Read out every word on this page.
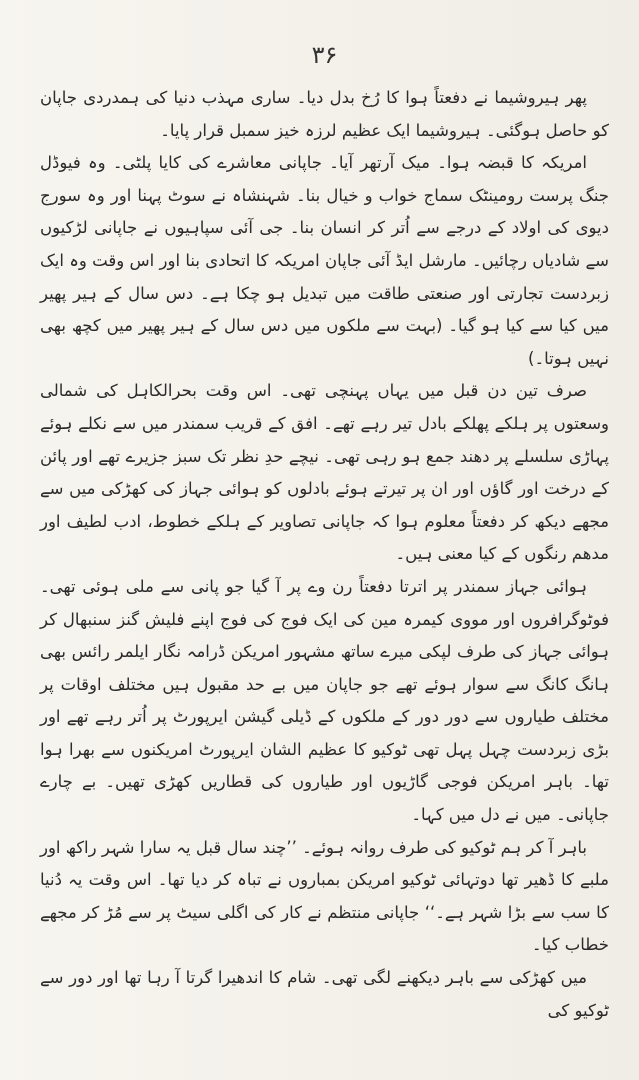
۳۶

پھر ہیروشیما نے دفعتاً ہوا کا رُخ بدل دیا۔ ساری مہذب دنیا کی ہمدردی جاپان کو حاصل ہوگئی۔ ہیروشیما ایک عظیم لرزہ خیز سمبل قرار پایا۔

امریکہ کا قبضہ ہوا۔ میک آرتھر آیا۔ جاپانی معاشرے کی کایا پلٹی۔ وہ فیوڈل جنگ پرست رومینٹک سماج خواب و خیال بنا۔ شہنشاہ نے سوٹ پہنا اور وہ سورج دیوی کی اولاد کے درجے سے اُتر کر انسان بنا۔ جی آئی سپاہیوں نے جاپانی لڑکیوں سے شادیاں رچائیں۔ مارشل ایڈ آئی جاپان امریکہ کا اتحادی بنا اور اس وقت وہ ایک زبردست تجارتی اور صنعتی طاقت میں تبدیل ہو چکا ہے۔ دس سال کے ہیر پھیر میں کیا سے کیا ہو گیا۔ (بہت سے ملکوں میں دس سال کے ہیر پھیر میں کچھ بھی نہیں ہوتا۔)

صرف تین دن قبل میں یہاں پہنچی تھی۔ اس وقت بحرالکاہل کی شمالی وسعتوں پر ہلکے پھلکے بادل تیر رہے تھے۔ افق کے قریب سمندر میں سے نکلے ہوئے پہاڑی سلسلے پر دھند جمع ہو رہی تھی۔ نیچے حدِ نظر تک سبز جزیرے تھے اور پائن کے درخت اور گاؤں اور ان پر تیرتے ہوئے بادلوں کو ہوائی جہاز کی کھڑکی میں سے مجھے دیکھ کر دفعتاً معلوم ہوا کہ جاپانی تصاویر کے ہلکے خطوط، ادب لطیف اور مدھم رنگوں کے کیا معنی ہیں۔

ہوائی جہاز سمندر پر اترتا دفعتاً رن وے پر آ گیا جو پانی سے ملی ہوئی تھی۔ فوٹوگرافروں اور مووی کیمرہ مین کی ایک فوج کی فوج اپنے فلیش گنز سنبھال کر ہوائی جہاز کی طرف لپکی میرے ساتھ مشہور امریکن ڈرامہ نگار ایلمر رائس بھی ہانگ کانگ سے سوار ہوئے تھے جو جاپان میں بے حد مقبول ہیں مختلف اوقات پر مختلف طیاروں سے دور دور کے ملکوں کے ڈیلی گیشن ایرپورٹ پر اُتر رہے تھے اور بڑی زبردست چہل پہل تھی ٹوکیو کا عظیم الشان ایرپورٹ امریکنوں سے بھرا ہوا تھا۔ باہر امریکن فوجی گاڑیوں اور طیاروں کی قطاریں کھڑی تھیں۔ بے چارے جاپانی۔ میں نے دل میں کہا۔

باہر آ کر ہم ٹوکیو کی طرف روانہ ہوئے۔ ’’چند سال قبل یہ سارا شہر راکھ اور ملبے کا ڈھیر تھا دوتہائی ٹوکیو امریکن بمباروں نے تباہ کر دیا تھا۔ اس وقت یہ دُنیا کا سب سے بڑا شہر ہے۔‘‘ جاپانی منتظم نے کار کی اگلی سیٹ پر سے مُڑ کر مجھے خطاب کیا۔

میں کھڑکی سے باہر دیکھنے لگی تھی۔ شام کا اندھیرا گرتا آ رہا تھا اور دور سے ٹوکیو کی
